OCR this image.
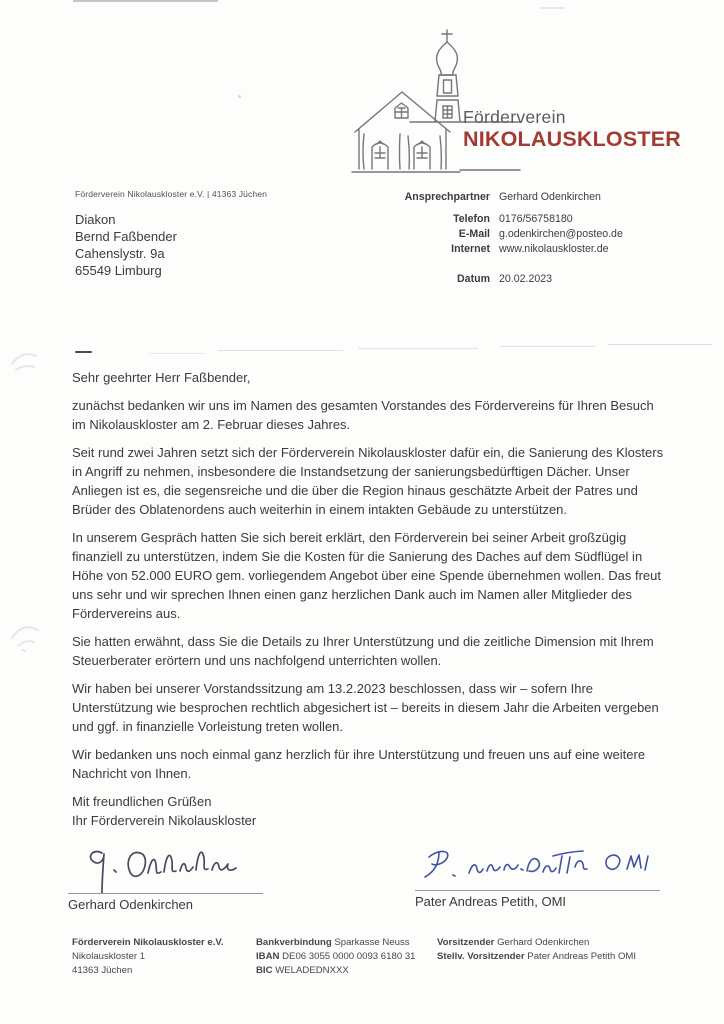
Förderverein
NIKOLAUSKLOSTER
Förderverein Nikolauskloster e.V. | 41363 Jüchen
Diakon
Bernd Faßbender
Cahenslystr. 9a
65549 Limburg
Ansprechpartner Gerhard Odenkirchen
Telefon 0176/56758180
E-Mail g.odenkirchen@posteo.de
Internet www.nikolauskloster.de
Datum 20.02.2023

Sehr geehrter Herr Faßbender,

zunächst bedanken wir uns im Namen des gesamten Vorstandes des Fördervereins für Ihren Besuch im Nikolauskloster am 2. Februar dieses Jahres.

Seit rund zwei Jahren setzt sich der Förderverein Nikolauskloster dafür ein, die Sanierung des Klosters in Angriff zu nehmen, insbesondere die Instandsetzung der sanierungsbedürftigen Dächer. Unser Anliegen ist es, die segensreiche und die über die Region hinaus geschätzte Arbeit der Patres und Brüder des Oblatenordens auch weiterhin in einem intakten Gebäude zu unterstützen.

In unserem Gespräch hatten Sie sich bereit erklärt, den Förderverein bei seiner Arbeit großzügig finanziell zu unterstützen, indem Sie die Kosten für die Sanierung des Daches auf dem Südflügel in Höhe von 52.000 EURO gem. vorliegendem Angebot über eine Spende übernehmen wollen. Das freut uns sehr und wir sprechen Ihnen einen ganz herzlichen Dank auch im Namen aller Mitglieder des Fördervereins aus.

Sie hatten erwähnt, dass Sie die Details zu Ihrer Unterstützung und die zeitliche Dimension mit Ihrem Steuerberater erörtern und uns nachfolgend unterrichten wollen.

Wir haben bei unserer Vorstandssitzung am 13.2.2023 beschlossen, dass wir – sofern Ihre Unterstützung wie besprochen rechtlich abgesichert ist – bereits in diesem Jahr die Arbeiten vergeben und ggf. in finanzielle Vorleistung treten wollen.

Wir bedanken uns noch einmal ganz herzlich für ihre Unterstützung und freuen uns auf eine weitere Nachricht von Ihnen.

Mit freundlichen Grüßen
Ihr Förderverein Nikolauskloster

Gerhard Odenkirchen	Pater Andreas Petith, OMI
Förderverein Nikolauskloster e.V.
Nikolauskloster 1
41363 Jüchen
Bankverbindung Sparkasse Neuss
IBAN DE06 3055 0000 0093 6180 31
BIC WELADEDNXXX
Vorsitzender Gerhard Odenkirchen
Stellv. Vorsitzender Pater Andreas Petith OMI
